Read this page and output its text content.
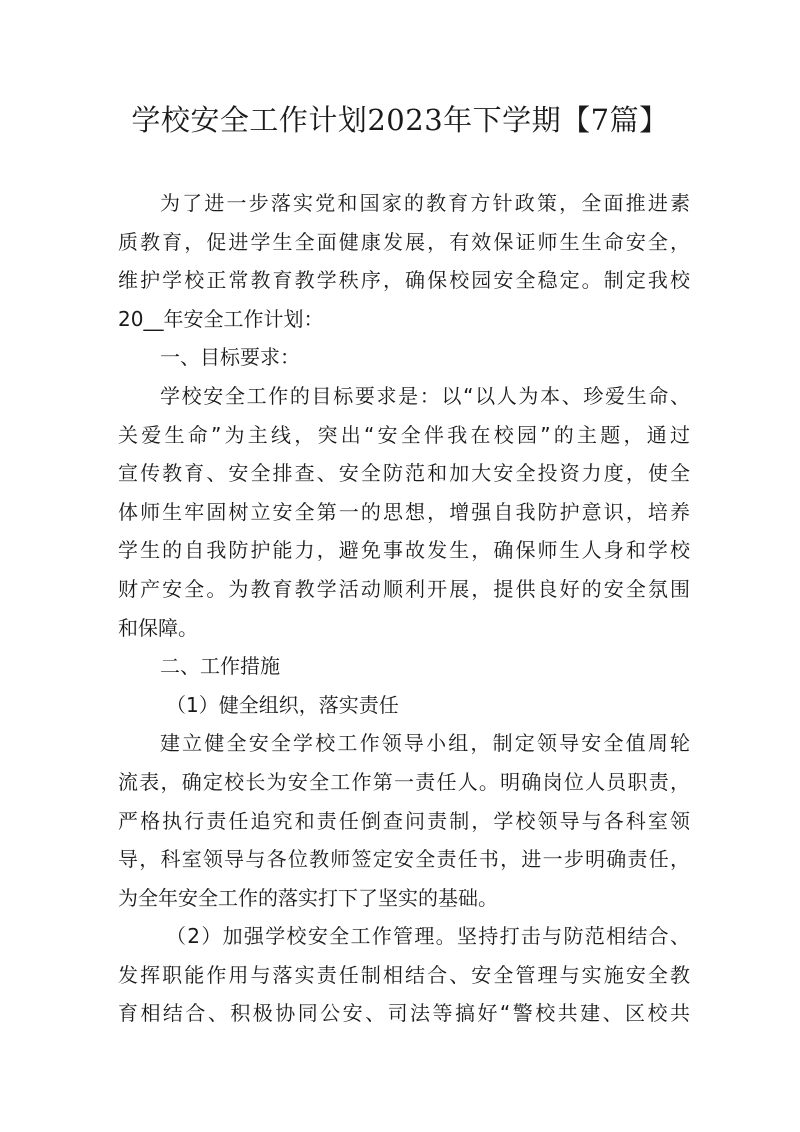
学校安全工作计划2023年下学期【7篇】
为了进一步落实党和国家的教育方针政策，全面推进素
质教育，促进学生全面健康发展，有效保证师生生命安全，
维护学校正常教育教学秩序，确保校园安全稳定。制定我校
20__年安全工作计划：
一、目标要求：
学校安全工作的目标要求是：以“以人为本、珍爱生命、
关爱生命”为主线，突出“安全伴我在校园”的主题，通过
宣传教育、安全排查、安全防范和加大安全投资力度，使全
体师生牢固树立安全第一的思想，增强自我防护意识，培养
学生的自我防护能力，避免事故发生，确保师生人身和学校
财产安全。为教育教学活动顺利开展，提供良好的安全氛围
和保障。
二、工作措施
（1）健全组织，落实责任
建立健全安全学校工作领导小组，制定领导安全值周轮
流表，确定校长为安全工作第一责任人。明确岗位人员职责，
严格执行责任追究和责任倒查问责制，学校领导与各科室领
导，科室领导与各位教师签定安全责任书，进一步明确责任，
为全年安全工作的落实打下了坚实的基础。
（2）加强学校安全工作管理。坚持打击与防范相结合、
发挥职能作用与落实责任制相结合、安全管理与实施安全教
育相结合、积极协同公安、司法等搞好“警校共建、区校共
